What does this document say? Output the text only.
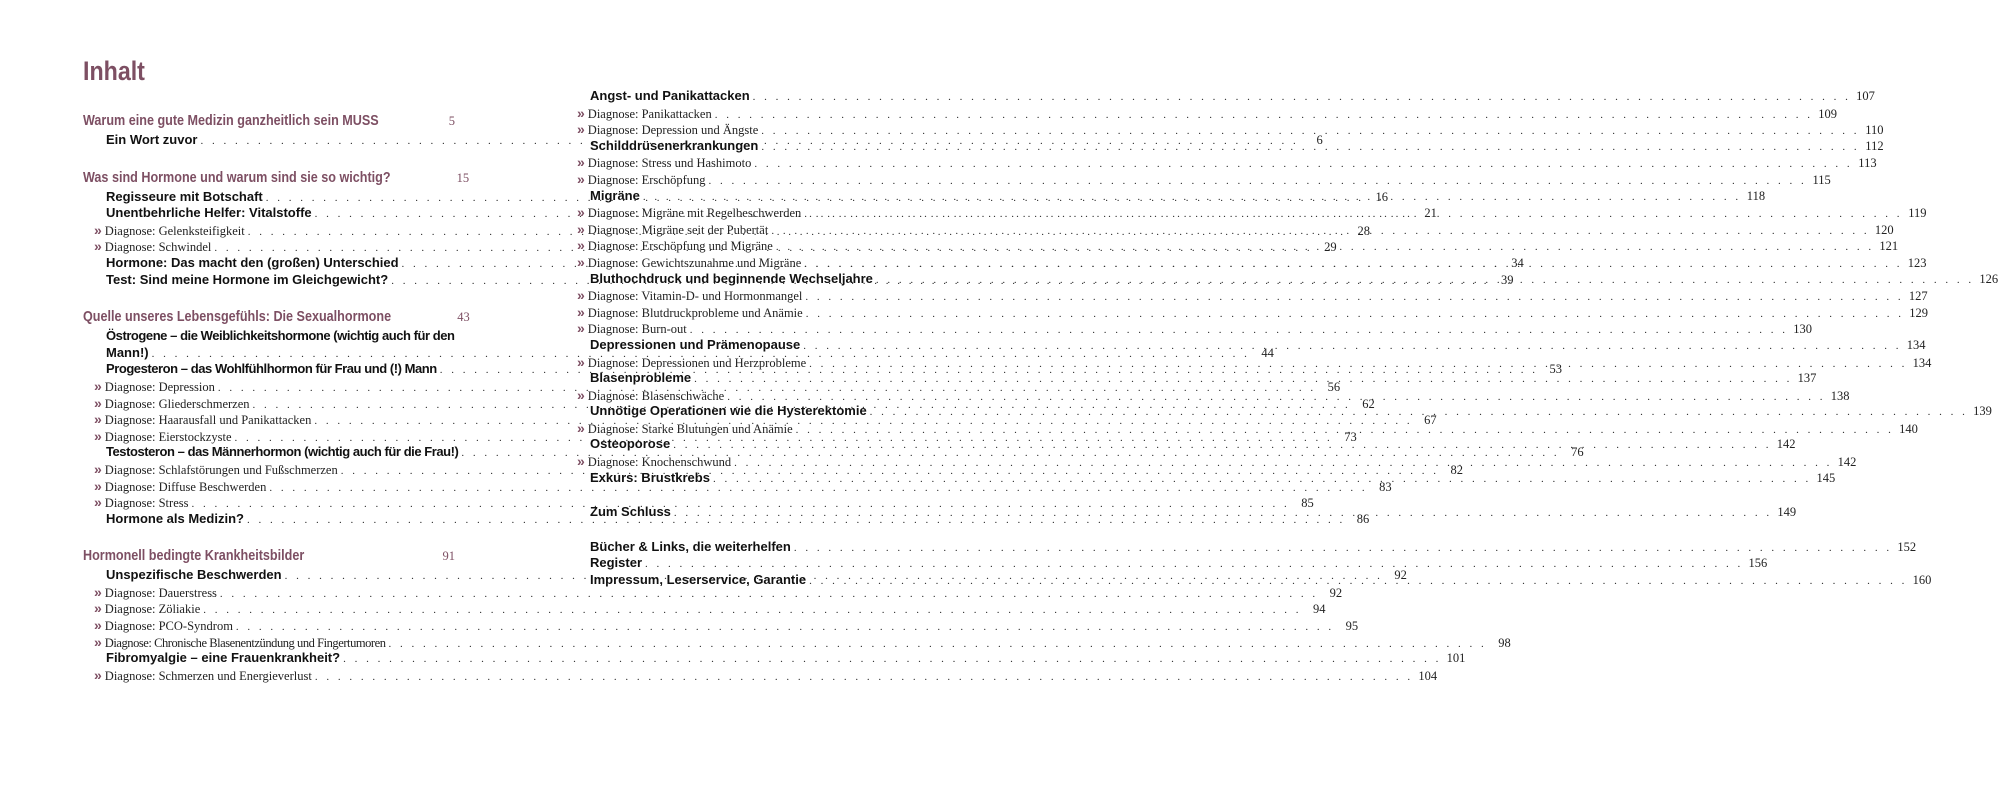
Inhalt
Warum eine gute Medizin ganzheitlich sein MUSS	5
Ein Wort zuvor . . .	6
Was sind Hormone und warum sind sie so wichtig?	15
Regisseure mit Botschaft . . .	16
Unentbehrliche Helfer: Vitalstoffe . . .	21
» Diagnose: Gelenksteifigkeit . . .	28
» Diagnose: Schwindel . . .	29
Hormone: Das macht den (großen) Unterschied . . .	34
Test: Sind meine Hormone im Gleichgewicht? . . .	39
Quelle unseres Lebensgefühls: Die Sexualhormone	43
Östrogene – die Weiblichkeitshormone (wichtig auch für den
Mann!) . . .	44
Progesteron – das Wohlfühlhormon für Frau und (!) Mann . . .	53
» Diagnose: Depression . . .	56
» Diagnose: Gliederschmerzen . . .	62
» Diagnose: Haarausfall und Panikattacken . . .	67
» Diagnose: Eierstockzyste . . .	73
Testosteron – das Männerhormon (wichtig auch für die Frau!) . . .	76
» Diagnose: Schlafstörungen und Fußschmerzen . . .	82
» Diagnose: Diffuse Beschwerden . . .	83
» Diagnose: Stress . . .	85
Hormone als Medizin? . . .	86
Hormonell bedingte Krankheitsbilder	91
Unspezifische Beschwerden . . .	92
» Diagnose: Dauerstress . . .	92
» Diagnose: Zöliakie . . .	94
» Diagnose: PCO-Syndrom . . .	95
» Diagnose: Chronische Blasenentzündung und Fingertumoren . . .	98
Fibromyalgie – eine Frauenkrankheit? . . .	101
» Diagnose: Schmerzen und Energieverlust . . .	104
Angst- und Panikattacken . . .	107
» Diagnose: Panikattacken . . .	109
» Diagnose: Depression und Ängste . . .	110
Schilddrüsenerkrankungen . . .	112
» Diagnose: Stress und Hashimoto . . .	113
» Diagnose: Erschöpfung . . .	115
Migräne . . .	118
» Diagnose: Migräne mit Regelbeschwerden . . .	119
» Diagnose: Migräne seit der Pubertät . . .	120
» Diagnose: Erschöpfung und Migräne . . .	121
» Diagnose: Gewichtszunahme und Migräne . . .	123
Bluthochdruck und beginnende Wechseljahre . . .	126
» Diagnose: Vitamin-D- und Hormonmangel . . .	127
» Diagnose: Blutdruckprobleme und Anämie . . .	129
» Diagnose: Burn-out . . .	130
Depressionen und Prämenopause . . .	134
» Diagnose: Depressionen und Herzprobleme . . .	134
Blasenprobleme . . .	137
» Diagnose: Blasenschwäche . . .	138
Unnötige Operationen wie die Hysterektomie . . .	139
» Diagnose: Starke Blutungen und Anämie . . .	140
Osteoporose . . .	142
» Diagnose: Knochenschwund . . .	142
Exkurs: Brustkrebs . . .	145
Zum Schluss . . .	149
Bücher & Links, die weiterhelfen . . .	152
Register . . .	156
Impressum, Leserservice, Garantie . . .	160
